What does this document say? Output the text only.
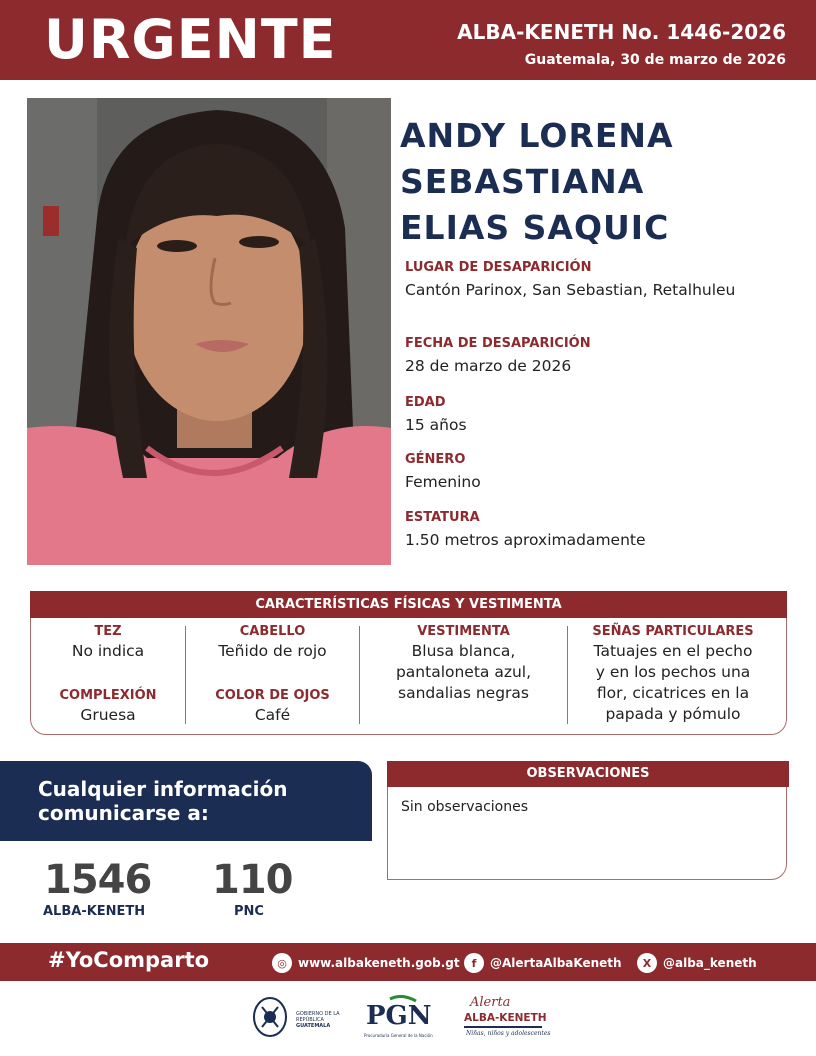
URGENTE	ALBA-KENETH No. 1446-2026
Guatemala, 30 de marzo de 2026
ANDY LORENA
SEBASTIANA
ELIAS SAQUIC
LUGAR DE DESAPARICIÓN
Cantón Parinox, San Sebastian, Retalhuleu
FECHA DE DESAPARICIÓN
28 de marzo de 2026
EDAD
15 años
GÉNERO
Femenino
ESTATURA
1.50 metros aproximadamente
CARACTERÍSTICAS FÍSICAS Y VESTIMENTA
TEZ
No indica
COMPLEXIÓN
Gruesa
CABELLO
Teñido de rojo
COLOR DE OJOS
Café
VESTIMENTA
Blusa blanca,
pantaloneta azul,
sandalias negras
SEÑAS PARTICULARES
Tatuajes en el pecho
y en los pechos una
flor, cicatrices en la
papada y pómulo
Cualquier información
comunicarse a:
1546
ALBA-KENETH
110
PNC
OBSERVACIONES
Sin observaciones
#YoComparto	◎ www.albakeneth.gob.gt	f	@AlertaAlbaKeneth	X @alba_keneth
GOBIERNO DE LA REPÚBLICA
GUATEMALA	PGN
Procuraduría General de la Nación
Alerta
ALBA-KENETH
Niñas, niños y adolescentes
